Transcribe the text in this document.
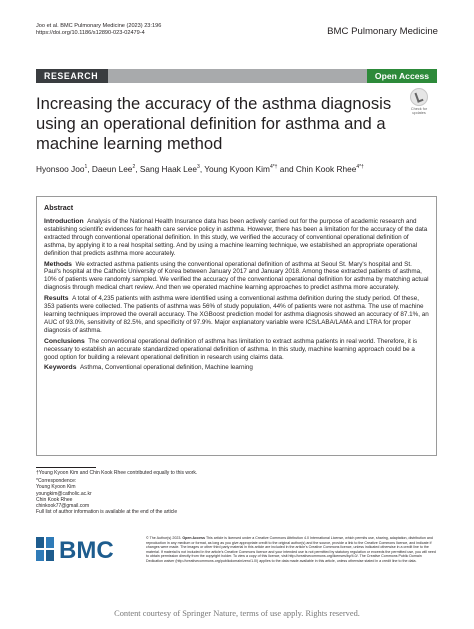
Joo et al. BMC Pulmonary Medicine (2023) 23:196
https://doi.org/10.1186/s12890-023-02479-4	BMC Pulmonary Medicine
RESEARCH	Open Access
Increasing the accuracy of the asthma diagnosis using an operational definition for asthma and a machine learning method
Check for
updates
Hyonsoo Joo$^1$, Daeun Lee$^2$, Sang Haak Lee$^3$, Young Kyoon Kim$^{4*\dagger}$ and Chin Kook Rhee$^{4*\dagger}$
Abstract

Introduction Analysis of the National Health Insurance data has been actively carried out for the purpose of academic research and establishing scientific evidences for health care service policy in asthma. However, there has been a limitation for the accuracy of the data extracted through conventional operational definition. In this study, we verified the accuracy of conventional operational definition of asthma, by applying it to a real hospital setting. And by using a machine learning technique, we established an appropriate operational definition that predicts asthma more accurately.

Methods We extracted asthma patients using the conventional operational definition of asthma at Seoul St. Mary's hospital and St. Paul's hospital at the Catholic University of Korea between January 2017 and January 2018. Among these extracted patients of asthma, 10% of patients were randomly sampled. We verified the accuracy of the conventional operational definition for asthma by matching actual diagnosis through medical chart review. And then we operated machine learning approaches to predict asthma more accurately.

Results A total of 4,235 patients with asthma were identified using a conventional asthma definition during the study period. Of these, 353 patients were collected. The patients of asthma was 56% of study population, 44% of patients were not asthma. The use of machine learning techniques improved the overall accuracy. The XGBoost prediction model for asthma diagnosis showed an accuracy of 87.1%, an AUC of 93.0%, sensitivity of 82.5%, and specificity of 97.9%. Major explanatory variable were ICS/LABA/LAMA and LTRA for proper diagnosis of asthma.

Conclusions The conventional operational definition of asthma has limitation to extract asthma patients in real world. Therefore, it is necessary to establish an accurate standardized operational definition of asthma. In this study, machine learning approach could be a good option for building a relevant operational definition in research using claims data.

Keywords Asthma, Conventional operational definition, Machine learning

†Young Kyoon Kim and Chin Kook Rhee contributed equally to this work.

*Correspondence:
Young Kyoon Kim
youngkim@catholic.ac.kr
Chin Kook Rhee
chinkook77@gmail.com
Full list of author information is available at the end of the article
BMC	© The Author(s) 2023. Open Access This article is licensed under a Creative Commons Attribution 4.0 International License, which permits use, sharing, adaptation, distribution and reproduction in any medium or format, as long as you give appropriate credit to the original author(s) and the source, provide a link to the Creative Commons licence, and indicate if changes were made. The images or other third party material in this article are included in the article's Creative Commons licence, unless indicated otherwise in a credit line to the material. If material is not included in the article's Creative Commons licence and your intended use is not permitted by statutory regulation or exceeds the permitted use, you will need to obtain permission directly from the copyright holder. To view a copy of this licence, visit http://creativecommons.org/licenses/by/4.0/. The Creative Commons Public Domain Dedication waiver (http://creativecommons.org/publicdomain/zero/1.0/) applies to the data made available in this article, unless otherwise stated in a credit line to the data.
Content courtesy of Springer Nature, terms of use apply. Rights reserved.
